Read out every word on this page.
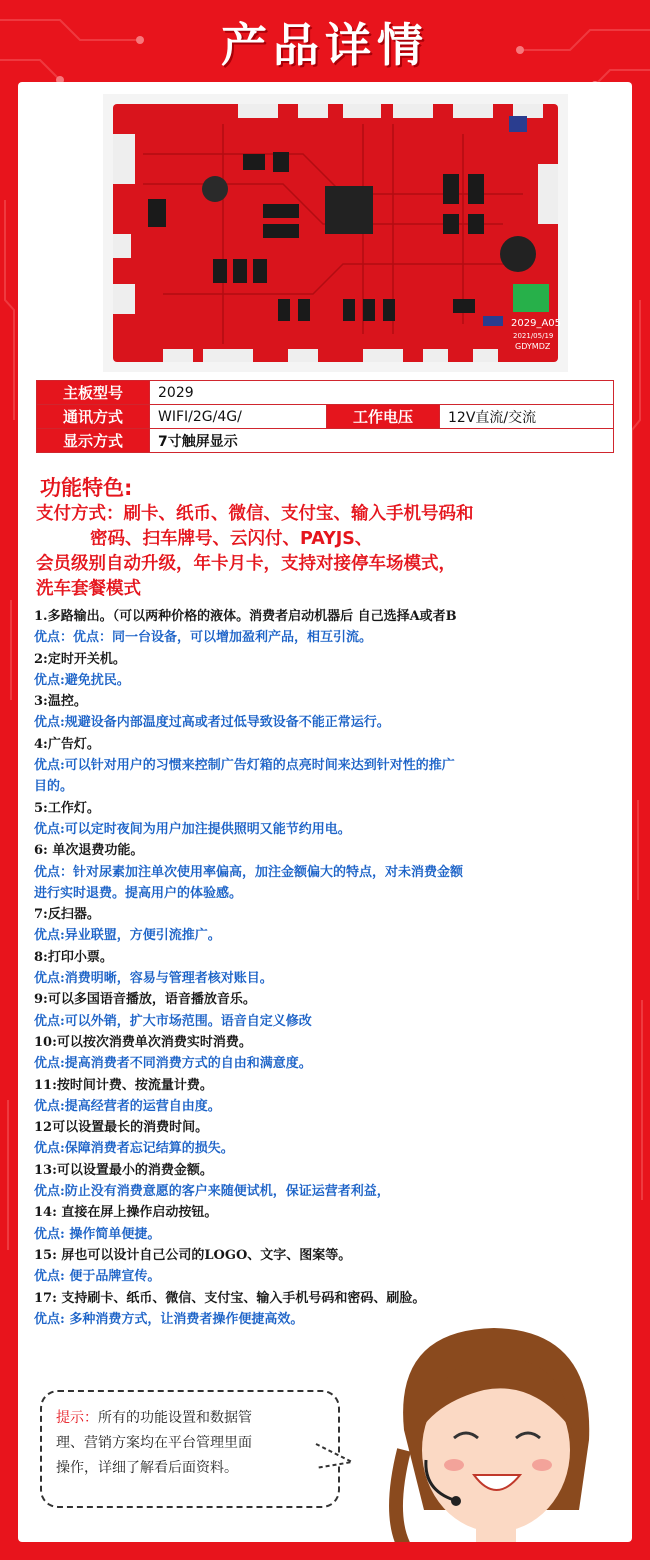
产品详情
2029_A05
2021/05/19
GDYMDZ
主板型号	2029		
通讯方式	WIFI/2G/4G/	工作电压	12V直流/交流
显示方式	7寸触屏显示		
功能特色:
支付方式：刷卡、纸币、微信、支付宝、输入手机号码和
密码、扫车牌号、云闪付、PAYJS、
会员级别自动升级，年卡月卡，支持对接停车场模式，
洗车套餐模式
1.多路输出。（可以两种价格的液体。消费者启动机器后 自己选择A或者B
优点：优点：同一台设备，可以增加盈利产品，相互引流。
2:定时开关机。
优点:避免扰民。
3:温控。
优点:规避设备内部温度过高或者过低导致设备不能正常运行。
4:广告灯。
优点:可以针对用户的习惯来控制广告灯箱的点亮时间来达到针对性的推广
目的。
5:工作灯。
优点:可以定时夜间为用户加注提供照明又能节约用电。
6: 单次退费功能。
优点：针对尿素加注单次使用率偏高，加注金额偏大的特点，对未消费金额
进行实时退费。提高用户的体验感。
7:反扫器。
优点:异业联盟，方便引流推广。
8:打印小票。
优点:消费明晰，容易与管理者核对账目。
9:可以多国语音播放，语音播放音乐。
优点:可以外销，扩大市场范围。语音自定义修改
10:可以按次消费单次消费实时消费。
优点:提高消费者不同消费方式的自由和满意度。
11:按时间计费、按流量计费。
优点:提高经营者的运营自由度。
12可以设置最长的消费时间。
优点:保障消费者忘记结算的损失。
13:可以设置最小的消费金额。
优点:防止没有消费意愿的客户来随便试机，保证运营者利益，
14: 直接在屏上操作启动按钮。
优点: 操作简单便捷。
15: 屏也可以设计自己公司的LOGO、文字、图案等。
优点: 便于品牌宣传。
17: 支持刷卡、纸币、微信、支付宝、输入手机号码和密码、刷脸。
优点: 多种消费方式，让消费者操作便捷高效。
提示：所有的功能设置和数据管
理、营销方案均在平台管理里面
操作，详细了解看后面资料。
